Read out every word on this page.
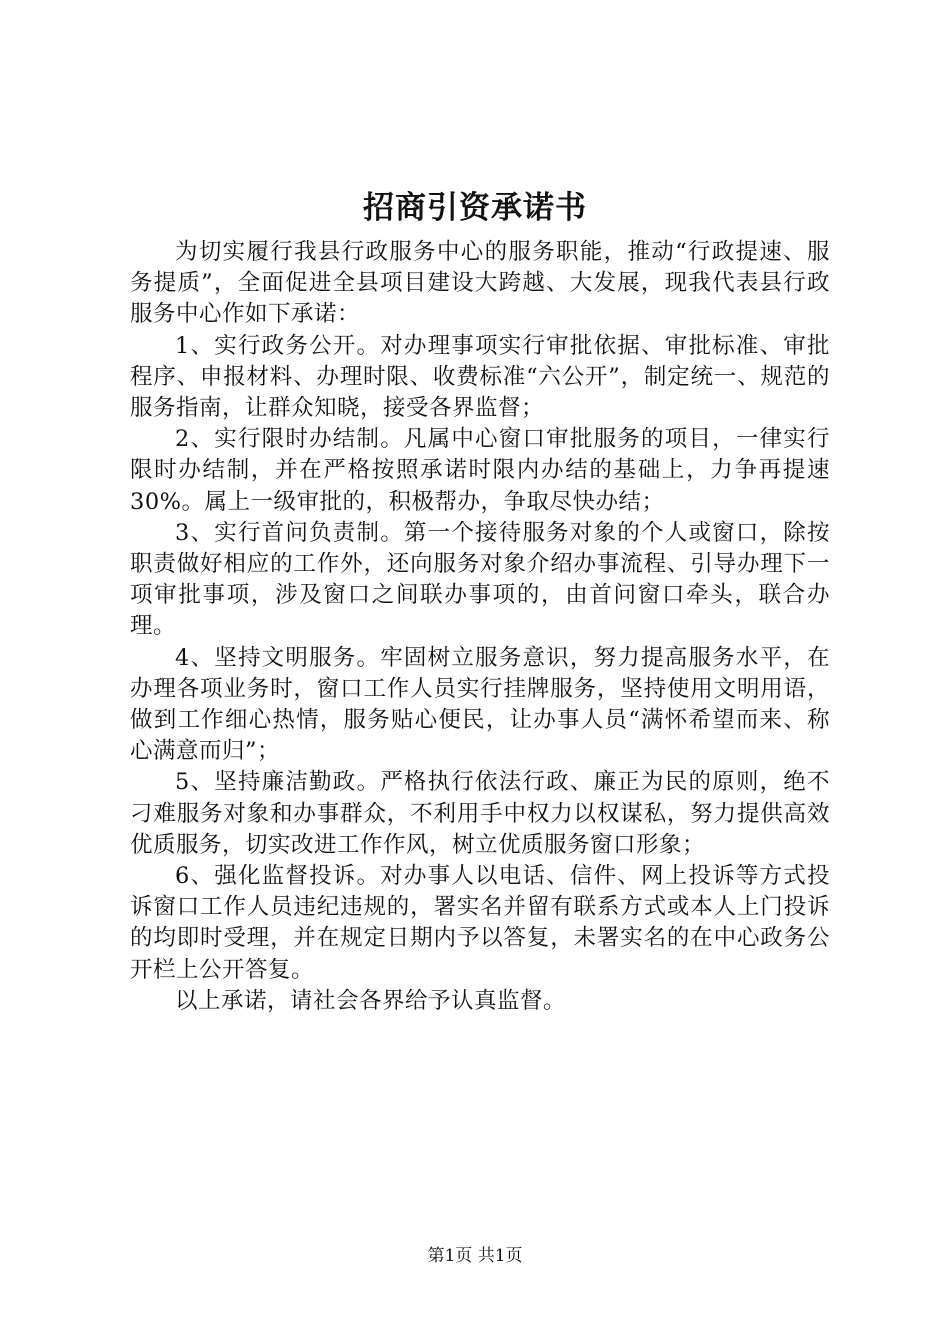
招商引资承诺书

为切实履行我县行政服务中心的服务职能，推动“行政提速、服务提质”，全面促进全县项目建设大跨越、大发展，现我代表县行政服务中心作如下承诺：

1、实行政务公开。对办理事项实行审批依据、审批标准、审批程序、申报材料、办理时限、收费标准“六公开”，制定统一、规范的服务指南，让群众知晓，接受各界监督；

2、实行限时办结制。凡属中心窗口审批服务的项目，一律实行限时办结制，并在严格按照承诺时限内办结的基础上，力争再提速30%。属上一级审批的，积极帮办，争取尽快办结；

3、实行首问负责制。第一个接待服务对象的个人或窗口，除按职责做好相应的工作外，还向服务对象介绍办事流程、引导办理下一项审批事项，涉及窗口之间联办事项的，由首问窗口牵头，联合办理。

4、坚持文明服务。牢固树立服务意识，努力提高服务水平，在办理各项业务时，窗口工作人员实行挂牌服务，坚持使用文明用语，做到工作细心热情，服务贴心便民，让办事人员“满怀希望而来、称心满意而归”；

5、坚持廉洁勤政。严格执行依法行政、廉正为民的原则，绝不刁难服务对象和办事群众，不利用手中权力以权谋私，努力提供高效优质服务，切实改进工作作风，树立优质服务窗口形象；

6、强化监督投诉。对办事人以电话、信件、网上投诉等方式投诉窗口工作人员违纪违规的，署实名并留有联系方式或本人上门投诉的均即时受理，并在规定日期内予以答复，未署实名的在中心政务公开栏上公开答复。

以上承诺，请社会各界给予认真监督。

第1页 共1页
